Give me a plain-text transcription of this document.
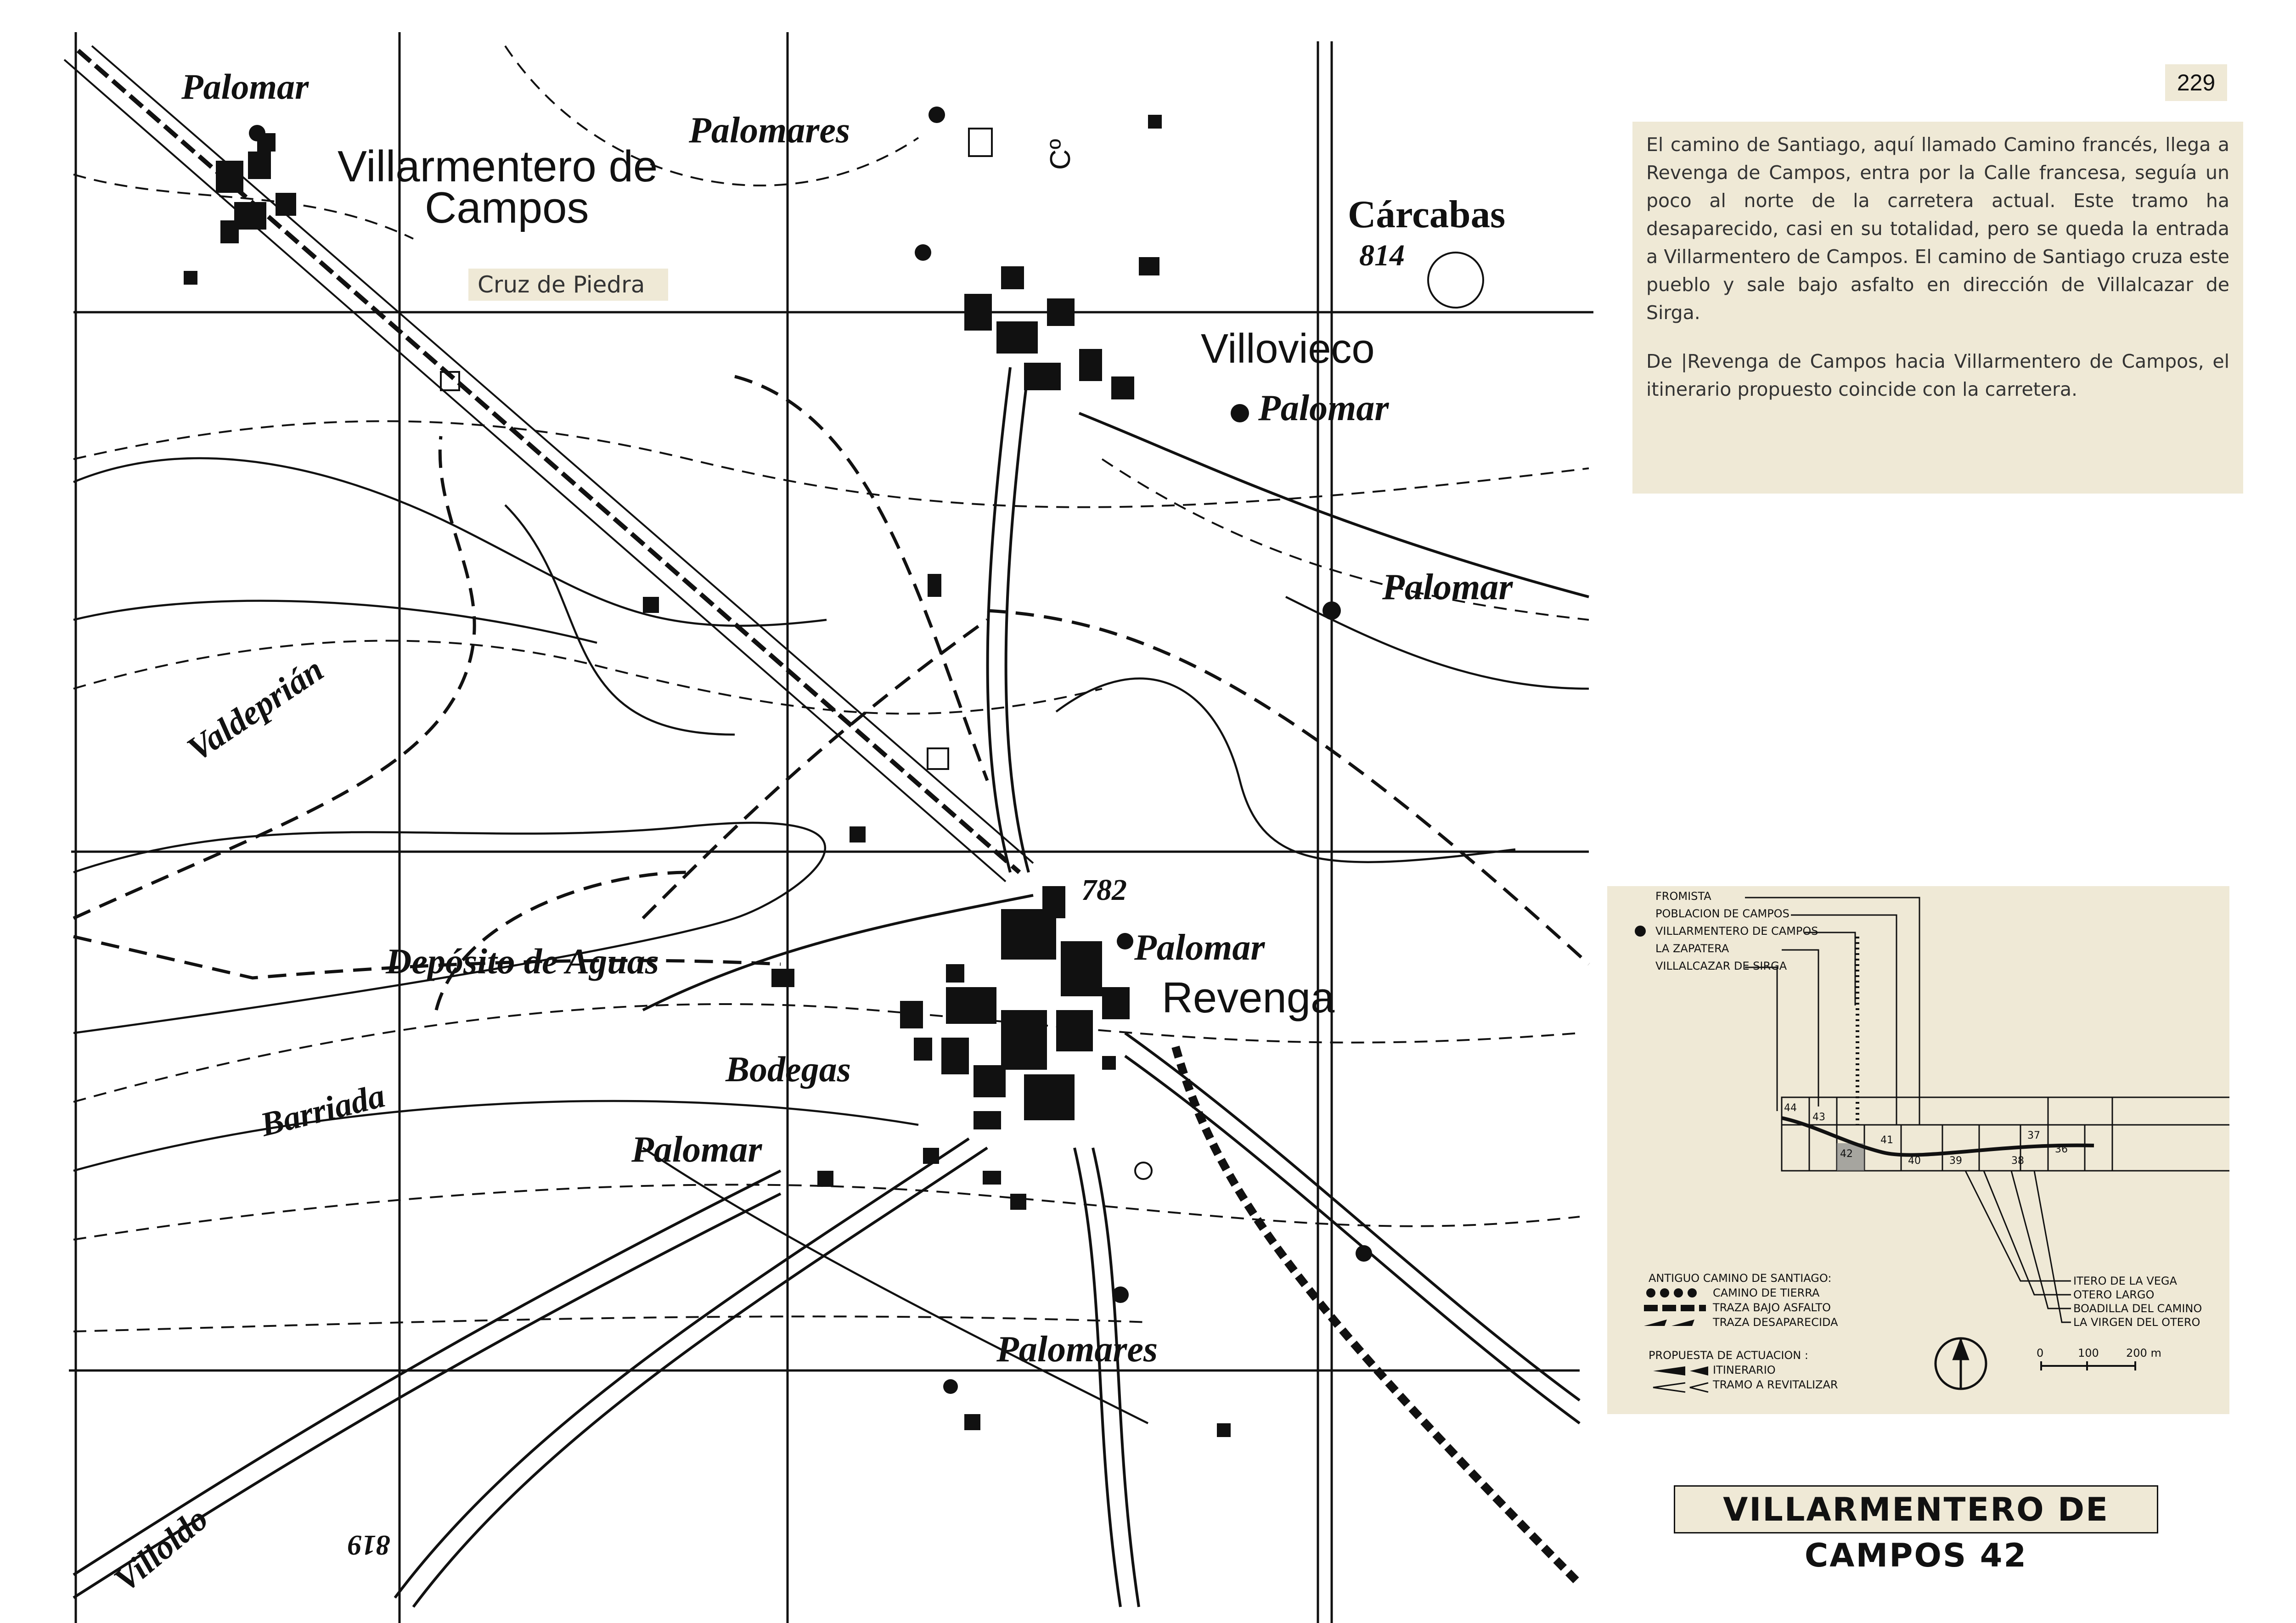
Palomar
Palomares
Villarmentero de
Campos
Cruz de Piedra
Cárcabas
814
Villovieco
Palomar
Palomar
Valdeprián
782
Palomar
Revenga
Depósito de Aguas
Barriada
Bodegas
Palomar
Palomares
Villoldo	819
Cº
229

El camino de Santiago, aquí llamado Camino francés, llega a Revenga de Campos, entra por la Calle francesa, seguía un poco al norte de la carretera actual. Este tramo ha desaparecido, casi en su totalidad, pero se queda la entrada a Villarmentero de Campos. El camino de Santiago cruza este pueblo y sale bajo asfalto en dirección de Villalcazar de Sirga.

De |Revenga de Campos hacia Villarmentero de Campos, el itinerario propuesto coincide con la carretera.

FROMISTA
POBLACION DE CAMPOS
VILLARMENTERO DE CAMPOS
LA ZAPATERA
VILLALCAZAR DE SIRGA
44
43
42
41
40	39	38
37
36
ITERO DE LA VEGA
OTERO LARGO
BOADILLA DEL CAMINO
LA VIRGEN DEL OTERO
ANTIGUO CAMINO DE SANTIAGO:
CAMINO DE TIERRA
TRAZA BAJO ASFALTO
TRAZA DESAPARECIDA
PROPUESTA DE ACTUACION :
ITINERARIO
TRAMO A REVITALIZAR
0	100 200 m
VILLARMENTERO DE CAMPOS 42
